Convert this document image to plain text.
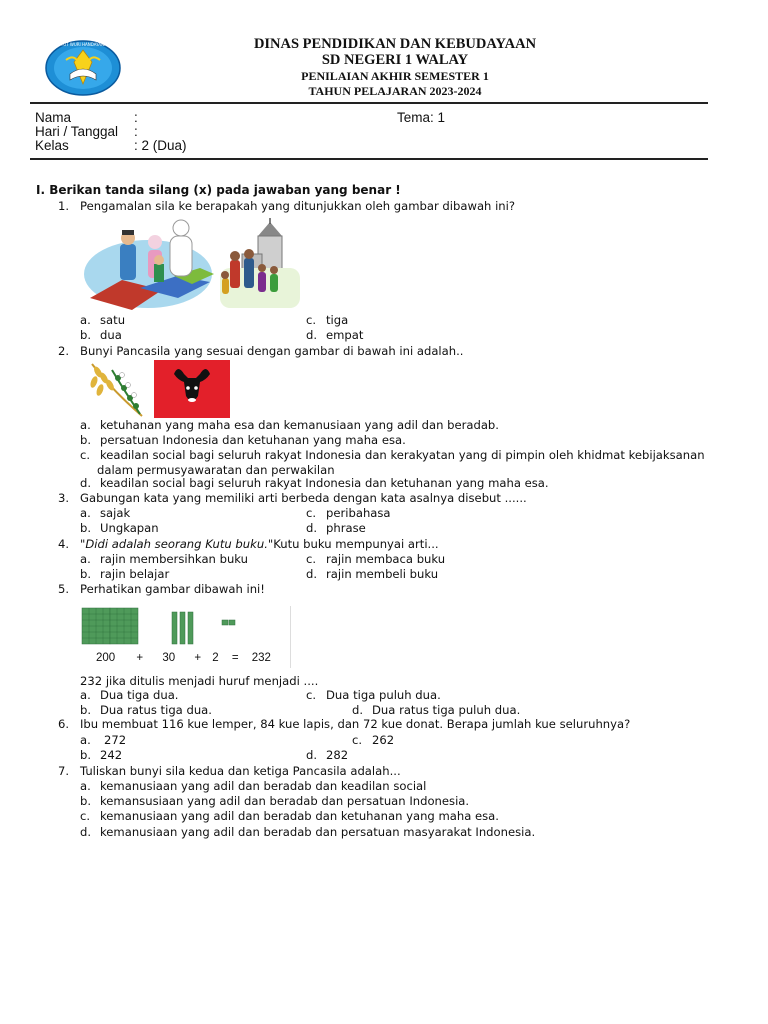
TUT WURI HANDAYANI	DINAS PENDIDIKAN DAN KEBUDAYAAN
SD NEGERI 1 WALAY
PENILAIAN AKHIR SEMESTER 1
TAHUN PELAJARAN 2023-2024
Nama	:
Hari / Tanggal :
Kelas	: 2 (Dua)
Tema: 1
I. Berikan tanda silang (x) pada jawaban yang benar !
1. Pengamalan sila ke berapakah yang ditunjukkan oleh gambar dibawah ini?
a. satu
b. dua
c. tiga
d. empat
2. Bunyi Pancasila yang sesuai dengan gambar di bawah ini adalah..
a. ketuhanan yang maha esa dan kemanusiaan yang adil dan beradab.
b. persatuan Indonesia dan ketuhanan yang maha esa.
c. keadilan social bagi seluruh rakyat Indonesia dan kerakyatan yang di pimpin oleh khidmat kebijaksanan
dalam permusyawaratan dan perwakilan
d. keadilan social bagi seluruh rakyat Indonesia dan ketuhanan yang maha esa.
3. Gabungan kata yang memiliki arti berbeda dengan kata asalnya disebut ......
a. sajak
b. Ungkapan
c. peribahasa
d. phrase
4. "Didi adalah seorang Kutu buku."Kutu buku mempunyai arti...
a. rajin membersihkan buku
b. rajin belajar
c. rajin membaca buku
d. rajin membeli buku
5. Perhatikan gambar dibawah ini!
200 + 30 + 2 = 232
232 jika ditulis menjadi huruf menjadi ....
a. Dua tiga dua.
b. Dua ratus tiga dua.
c. Dua tiga puluh dua.
d. Dua ratus tiga puluh dua.
6. Ibu membuat 116 kue lemper, 84 kue lapis, dan 72 kue donat. Berapa jumlah kue seluruhnya?
a. 272
b. 242
c. 262
d. 282
7. Tuliskan bunyi sila kedua dan ketiga Pancasila adalah...
a. kemanusiaan yang adil dan beradab dan keadilan social
b. kemansusiaan yang adil dan beradab dan persatuan Indonesia.
c. kemanusiaan yang adil dan beradab dan ketuhanan yang maha esa.
d. kemanusiaan yang adil dan beradab dan persatuan masyarakat Indonesia.
